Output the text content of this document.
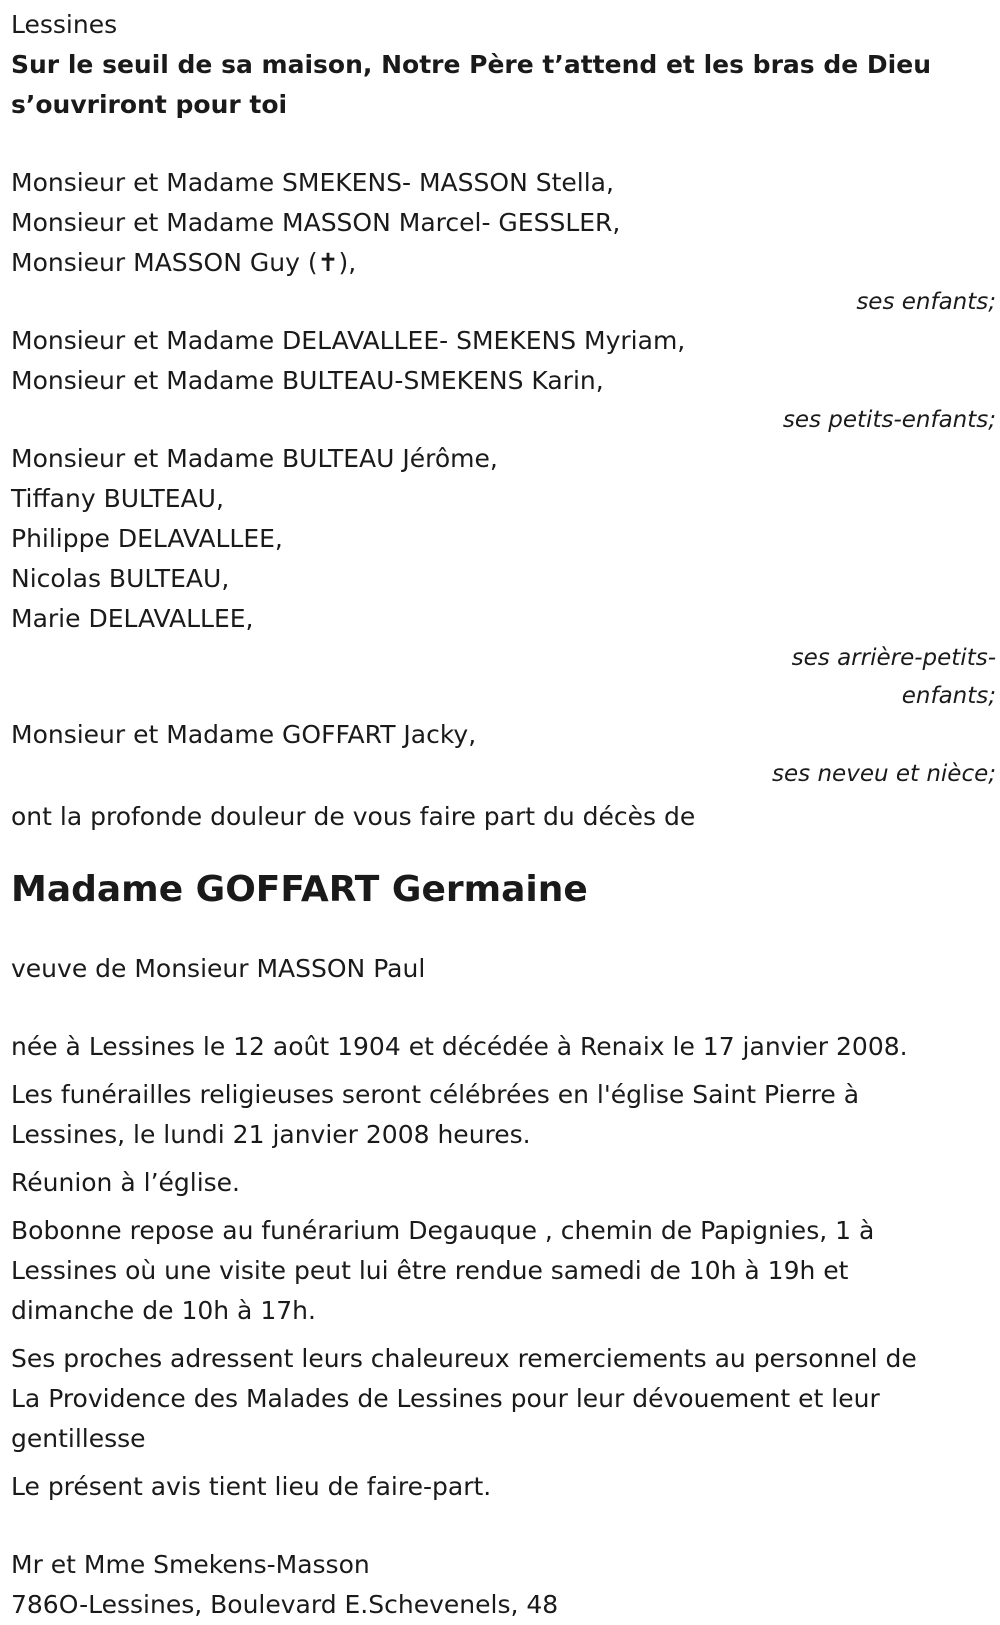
Lessines
Sur le seuil de sa maison, Notre Père t’attend et les bras de Dieu
s’ouvriront pour toi
Monsieur et Madame SMEKENS- MASSON Stella,
Monsieur et Madame MASSON Marcel- GESSLER,
Monsieur MASSON Guy (✝),
ses enfants;
Monsieur et Madame DELAVALLEE- SMEKENS Myriam,
Monsieur et Madame BULTEAU-SMEKENS Karin,
ses petits-enfants;
Monsieur et Madame BULTEAU Jérôme,
Tiffany BULTEAU,
Philippe DELAVALLEE,
Nicolas BULTEAU,
Marie DELAVALLEE,
ses arrière-petits-
enfants;
Monsieur et Madame GOFFART Jacky,
ses neveu et nièce;
ont la profonde douleur de vous faire part du décès de
Madame GOFFART Germaine
veuve de Monsieur MASSON Paul
née à Lessines le 12 août 1904 et décédée à Renaix le 17 janvier 2008.
Les funérailles religieuses seront célébrées en l'église Saint Pierre à
Lessines, le lundi 21 janvier 2008 heures.
Réunion à l’église.
Bobonne repose au funérarium Degauque , chemin de Papignies, 1 à
Lessines où une visite peut lui être rendue samedi de 10h à 19h et
dimanche de 10h à 17h.
Ses proches adressent leurs chaleureux remerciements au personnel de
La Providence des Malades de Lessines pour leur dévouement et leur
gentillesse
Le présent avis tient lieu de faire-part.
Mr et Mme Smekens-Masson
786O-Lessines, Boulevard E.Schevenels, 48
